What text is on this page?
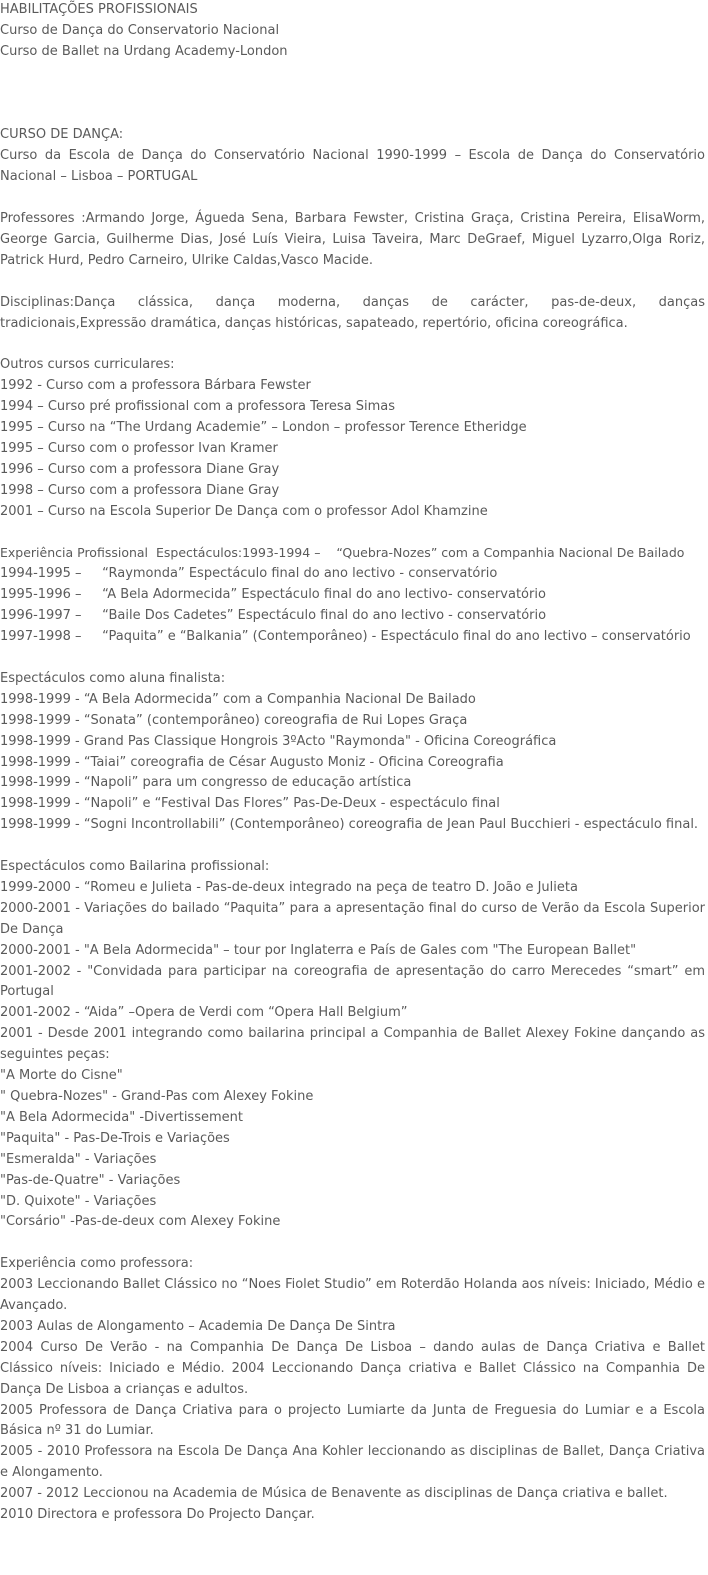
HABILITAÇÕES PROFISSIONAIS

Curso de Dança do Conservatorio Nacional

Curso de Ballet na Urdang Academy-London

CURSO DE DANÇA:

Curso da Escola de Dança do Conservatório Nacional 1990-1999 – Escola de Dança do Conservatório Nacional – Lisboa – PORTUGAL

Professores :Armando Jorge, Águeda Sena, Barbara Fewster, Cristina Graça, Cristina Pereira, ElisaWorm, George Garcia, Guilherme Dias, José Luís Vieira, Luisa Taveira, Marc DeGraef, Miguel Lyzarro,Olga Roriz, Patrick Hurd, Pedro Carneiro, Ulrike Caldas,Vasco Macide.

Disciplinas:Dança clássica, dança moderna, danças de carácter, pas-de-deux, danças tradicionais,Expressão dramática, danças históricas, sapateado, repertório, oficina coreográfica.

Outros cursos curriculares:

1992 - Curso com a professora Bárbara Fewster

1994 – Curso pré profissional com a professora Teresa Simas

1995 – Curso na “The Urdang Academie” – London – professor Terence Etheridge

1995 – Curso com o professor Ivan Kramer

1996 – Curso com a professora Diane Gray

1998 – Curso com a professora Diane Gray

2001 – Curso na Escola Superior De Dança com o professor Adol Khamzine

Experiência Profissional  Espectáculos:1993-1994 –    “Quebra-Nozes” com a Companhia Nacional De Bailado

1994-1995 –     “Raymonda” Espectáculo final do ano lectivo - conservatório

1995-1996 –     “A Bela Adormecida” Espectáculo final do ano lectivo- conservatório

1996-1997 –     “Baile Dos Cadetes” Espectáculo final do ano lectivo - conservatório

1997-1998 –     “Paquita” e “Balkania” (Contemporâneo) - Espectáculo final do ano lectivo – conservatório

Espectáculos como aluna finalista:

1998-1999 - “A Bela Adormecida” com a Companhia Nacional De Bailado

1998-1999 - “Sonata” (contemporâneo) coreografia de Rui Lopes Graça

1998-1999 - Grand Pas Classique Hongrois 3ºActo "Raymonda" - Oficina Coreográfica

1998-1999 - “Taiai” coreografia de César Augusto Moniz - Oficina Coreografia

1998-1999 - “Napoli” para um congresso de educação artística

1998-1999 - “Napoli” e “Festival Das Flores” Pas-De-Deux - espectáculo final

1998-1999 - “Sogni Incontrollabili” (Contemporâneo) coreografia de Jean Paul Bucchieri - espectáculo final.

Espectáculos como Bailarina profissional:

1999-2000 - “Romeu e Julieta - Pas-de-deux integrado na peça de teatro D. João e Julieta

2000-2001 - Variações do bailado “Paquita” para a apresentação final do curso de Verão da Escola Superior De Dança

2000-2001 - "A Bela Adormecida" – tour por Inglaterra e País de Gales com "The European Ballet"

2001-2002 - "Convidada para participar na coreografia de apresentação do carro Merecedes “smart” em Portugal

2001-2002 - “Aida” –Opera de Verdi com “Opera Hall Belgium”

2001 - Desde 2001 integrando como bailarina principal a Companhia de Ballet Alexey Fokine dançando as seguintes peças:

"A Morte do Cisne"

" Quebra-Nozes" - Grand-Pas com Alexey Fokine

"A Bela Adormecida" -Divertissement

"Paquita" - Pas-De-Trois e Variações

"Esmeralda" - Variações

"Pas-de-Quatre" - Variações

"D. Quixote" - Variações

"Corsário" -Pas-de-deux com Alexey Fokine

Experiência como professora:

2003 Leccionando Ballet Clássico no “Noes Fiolet Studio” em Roterdão Holanda aos níveis: Iniciado, Médio e Avançado.

2003 Aulas de Alongamento – Academia De Dança De Sintra

2004 Curso De Verão - na Companhia De Dança De Lisboa – dando aulas de Dança Criativa e Ballet Clássico níveis: Iniciado e Médio. 2004 Leccionando Dança criativa e Ballet Clássico na Companhia De Dança De Lisboa a crianças e adultos.

2005 Professora de Dança Criativa para o projecto Lumiarte da Junta de Freguesia do Lumiar e a Escola Básica nº 31 do Lumiar.

2005 - 2010 Professora na Escola De Dança Ana Kohler leccionando as disciplinas de Ballet, Dança Criativa e Alongamento.

2007 - 2012 Leccionou na Academia de Música de Benavente as disciplinas de Dança criativa e ballet.

2010 Directora e professora Do Projecto Dançar.
